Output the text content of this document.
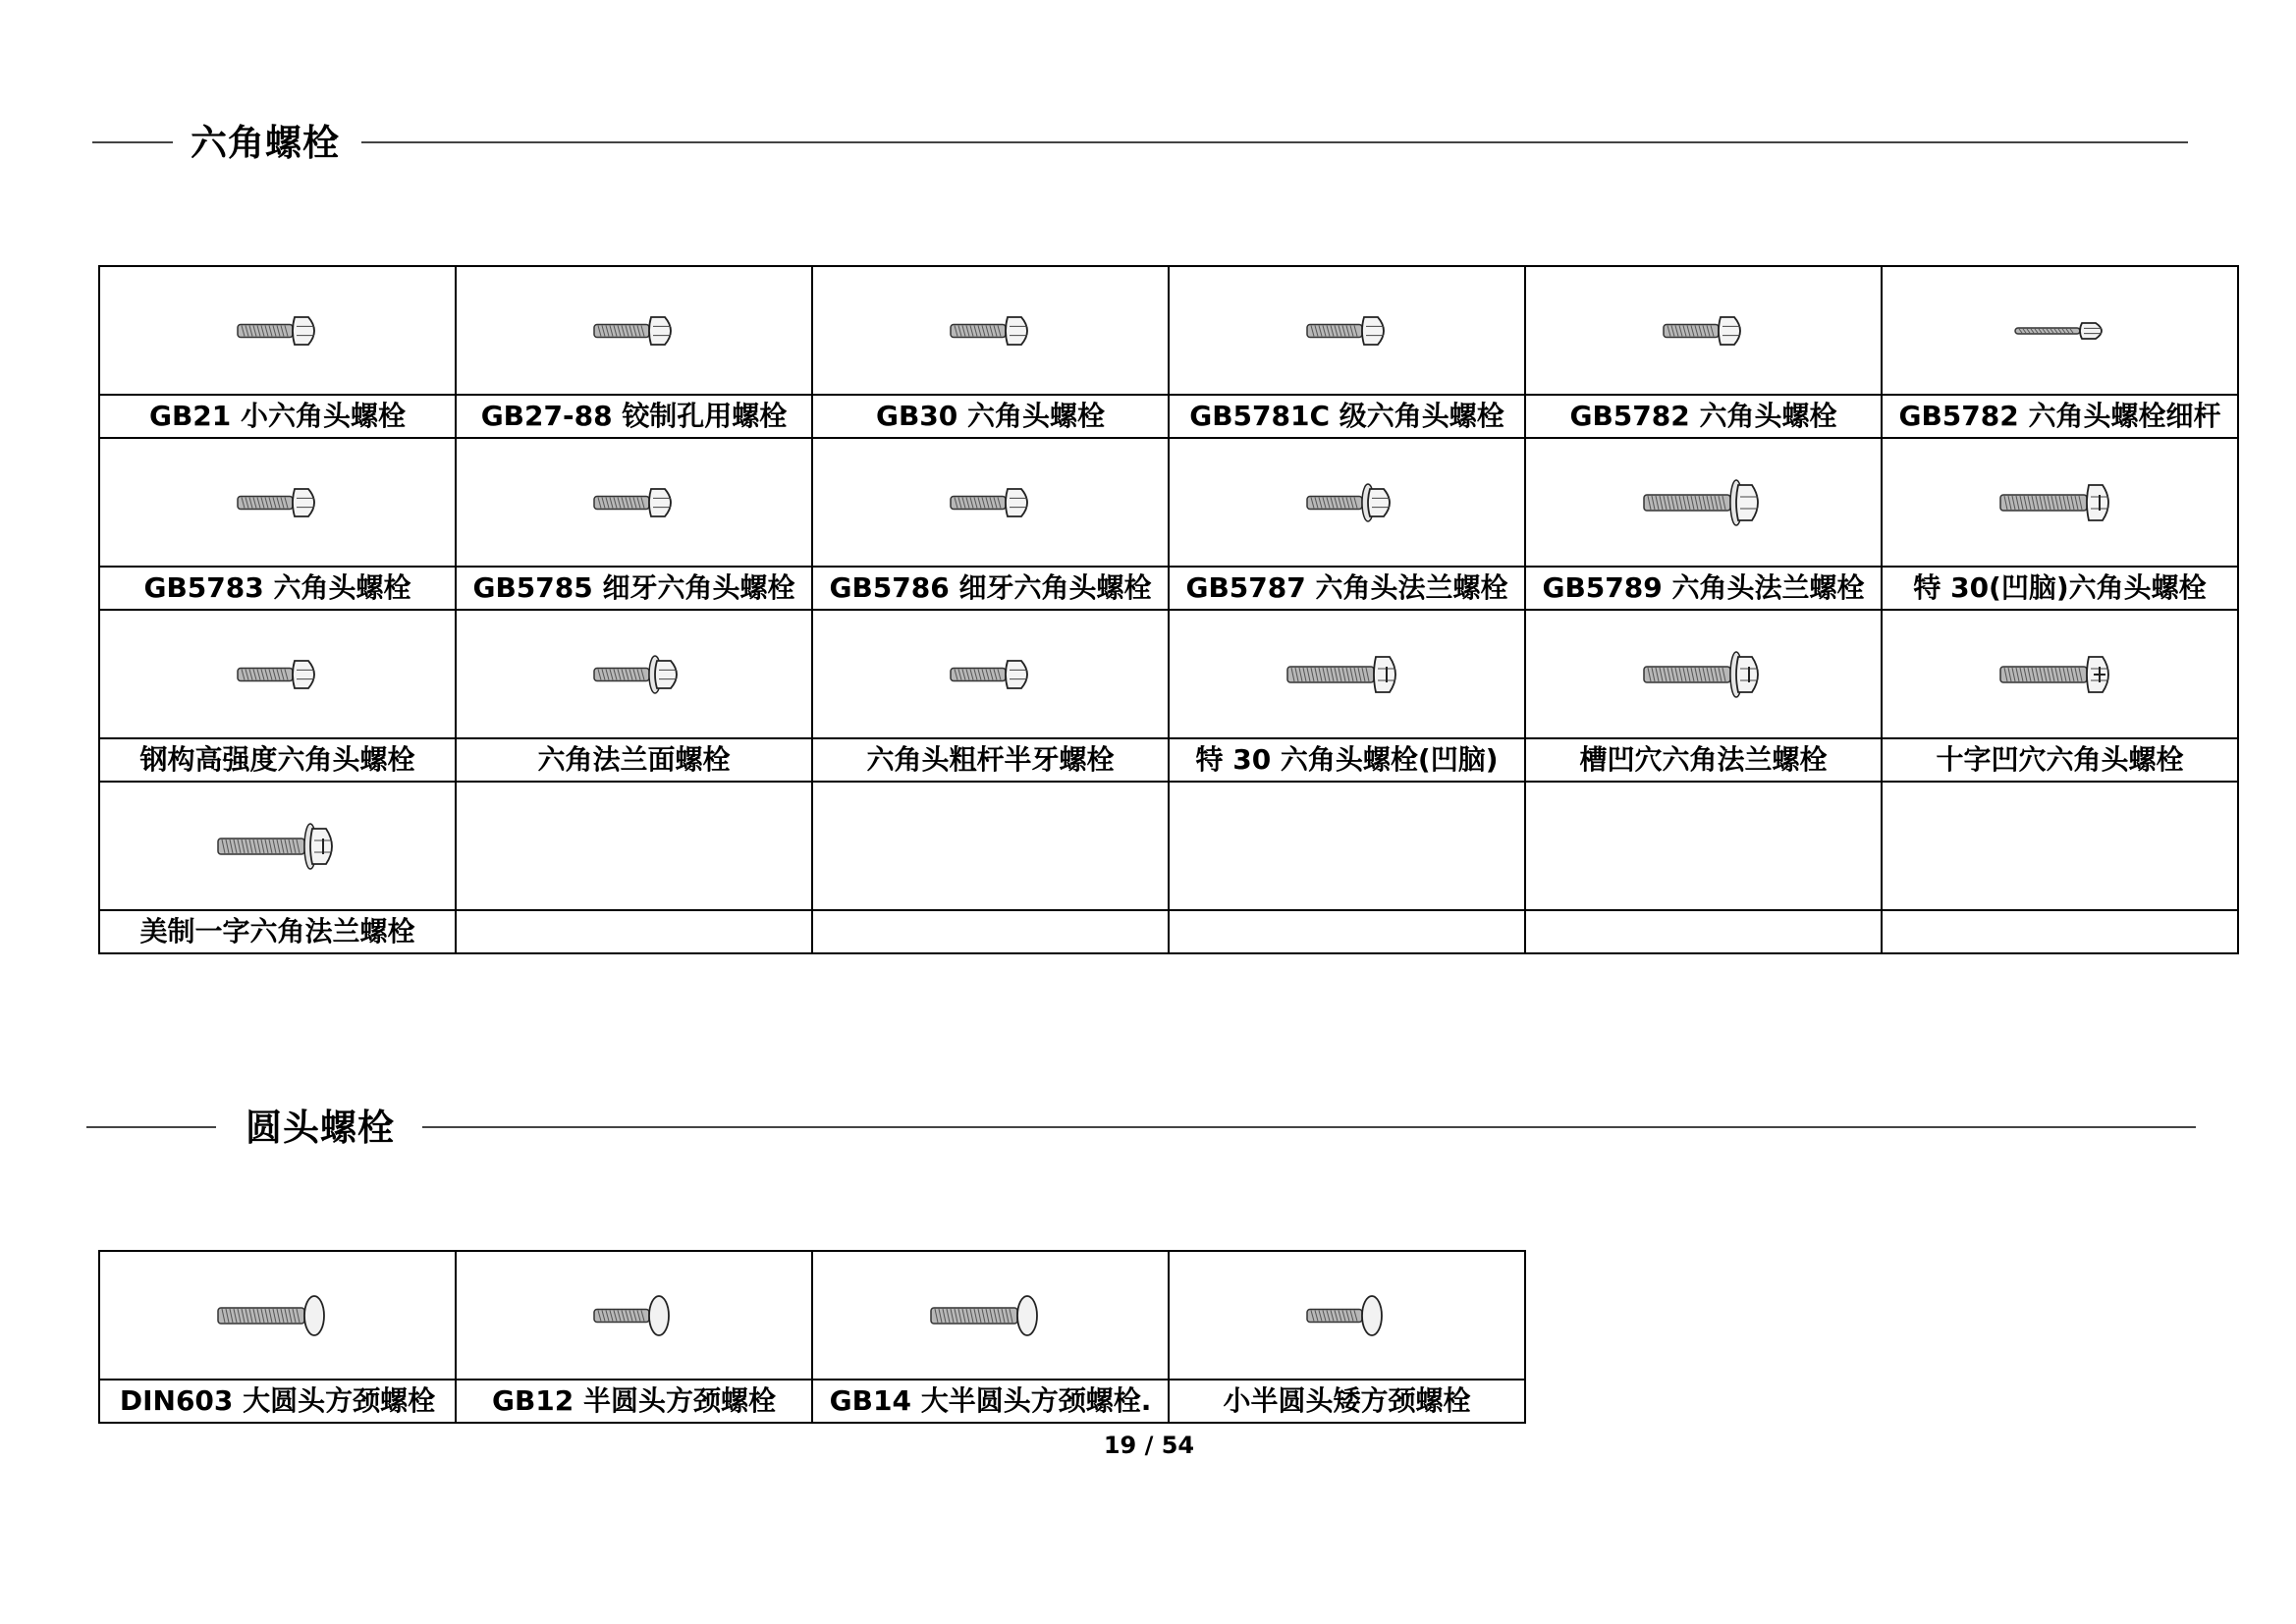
六角螺栓

GB21 小六角头螺栓	GB27-88 铰制孔用螺栓	GB30 六角头螺栓	GB5781C 级六角头螺栓	GB5782 六角头螺栓	GB5782 六角头螺栓细杆

GB5783 六角头螺栓	GB5785 细牙六角头螺栓	GB5786 细牙六角头螺栓	GB5787 六角头法兰螺栓	GB5789 六角头法兰螺栓	特 30(凹脑)六角头螺栓

钢构高强度六角头螺栓	六角法兰面螺栓	六角头粗杆半牙螺栓	特 30 六角头螺栓(凹脑)	槽凹穴六角法兰螺栓	十字凹穴六角头螺栓

美制一字六角法兰螺栓					
圆头螺栓

DIN603 大圆头方颈螺栓	GB12 半圆头方颈螺栓	GB14 大半圆头方颈螺栓.	小半圆头矮方颈螺栓
19 / 54
